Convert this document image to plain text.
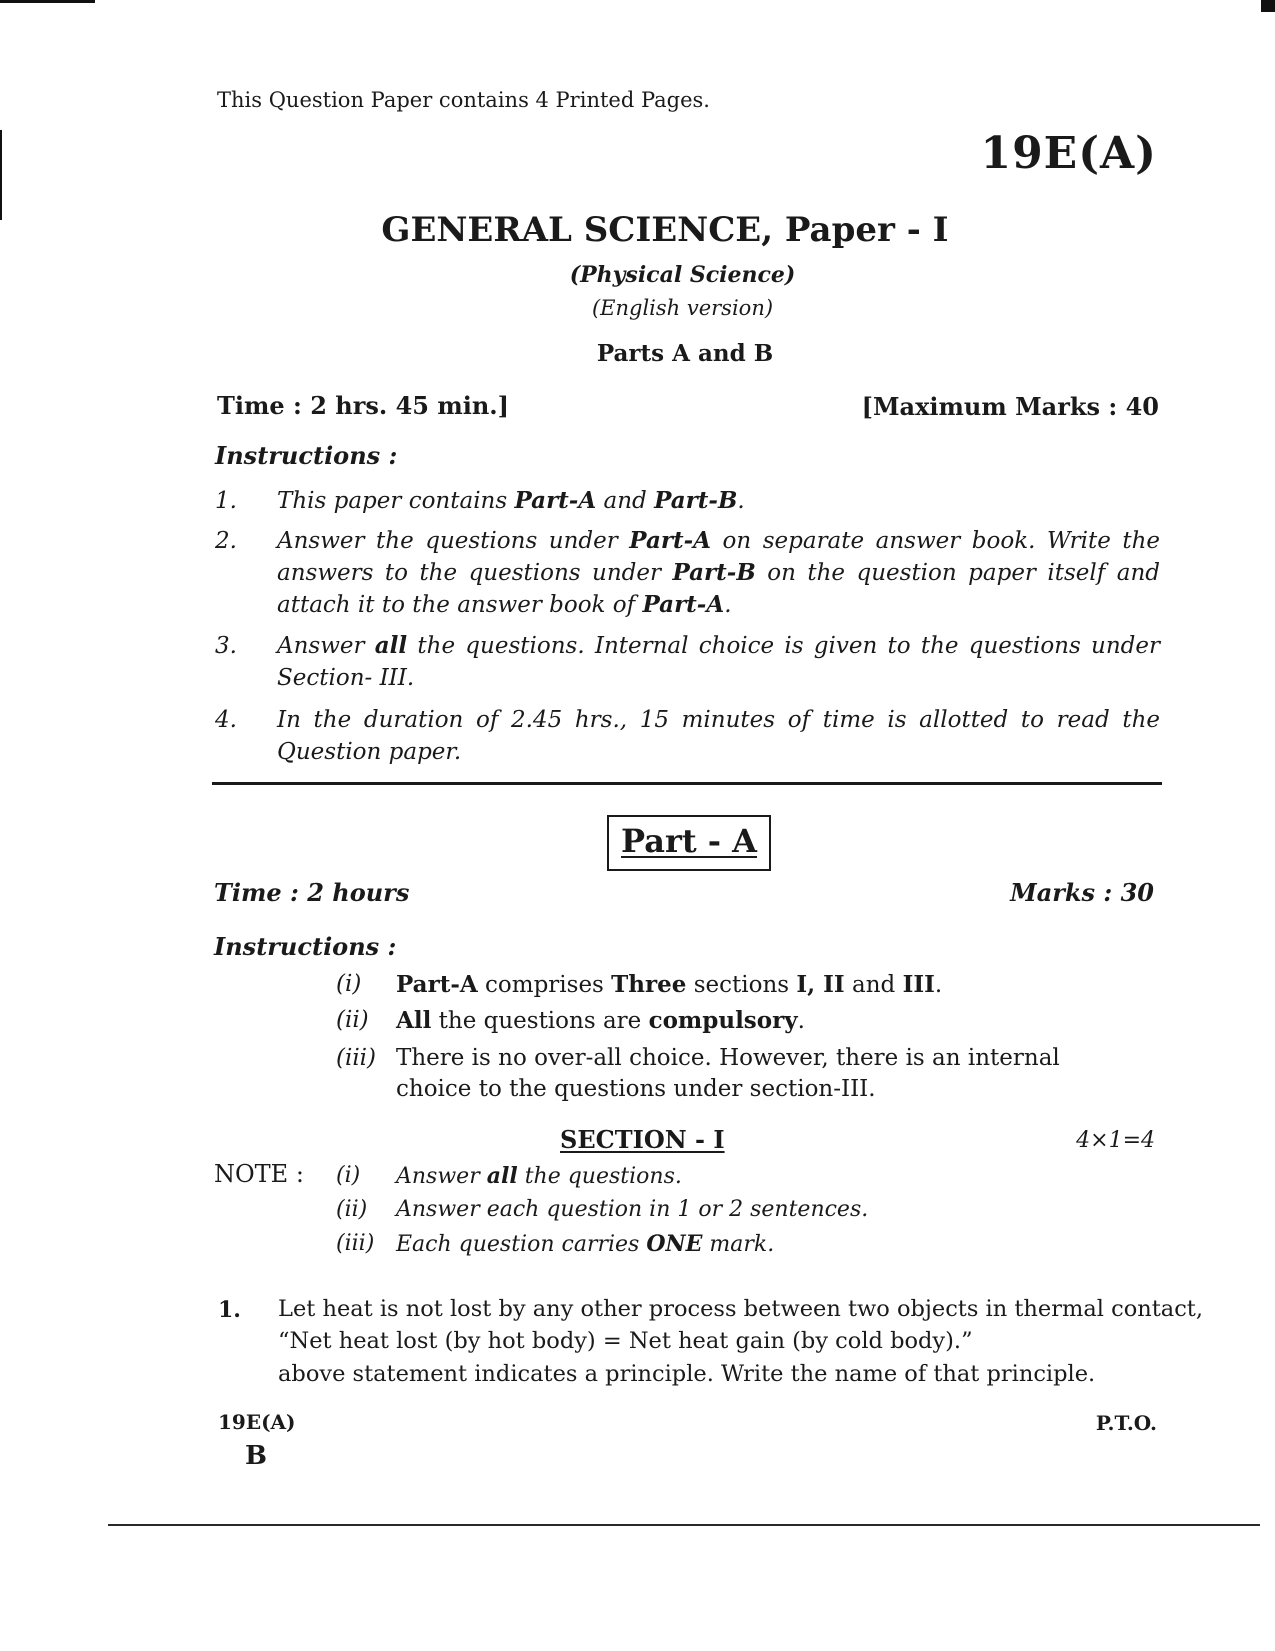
This Question Paper contains 4 Printed Pages.
19E(A)
GENERAL SCIENCE, Paper - I
(Physical Science)
(English version)
Parts A and B
Time : 2 hrs. 45 min.]	[Maximum Marks : 40
Instructions :
1.	This paper contains Part-A and Part-B.
2.	Answer the questions under Part-A on separate answer book. Write the answers to the questions under Part-B on the question paper itself and attach it to the answer book of Part-A.
3.	Answer all the questions. Internal choice is given to the questions under Section- III.
4.	In the duration of 2.45 hrs., 15 minutes of time is allotted to read the Question paper.
Part - A
Time : 2 hours	Marks : 30
Instructions :
(i) Part-A comprises Three sections I, II and III.
(ii) All the questions are compulsory.
(iii) There is no over-all choice. However, there is an internal choice to the questions under section-III.
SECTION - I	4×1=4
NOTE : (i) Answer all the questions.
(ii) Answer each question in 1 or 2 sentences.
(iii) Each question carries ONE mark.
1. Let heat is not lost by any other process between two objects in thermal contact,
“Net heat lost (by hot body) = Net heat gain (by cold body).”
above statement indicates a principle. Write the name of that principle.
19E(A)
B
P.T.O.
